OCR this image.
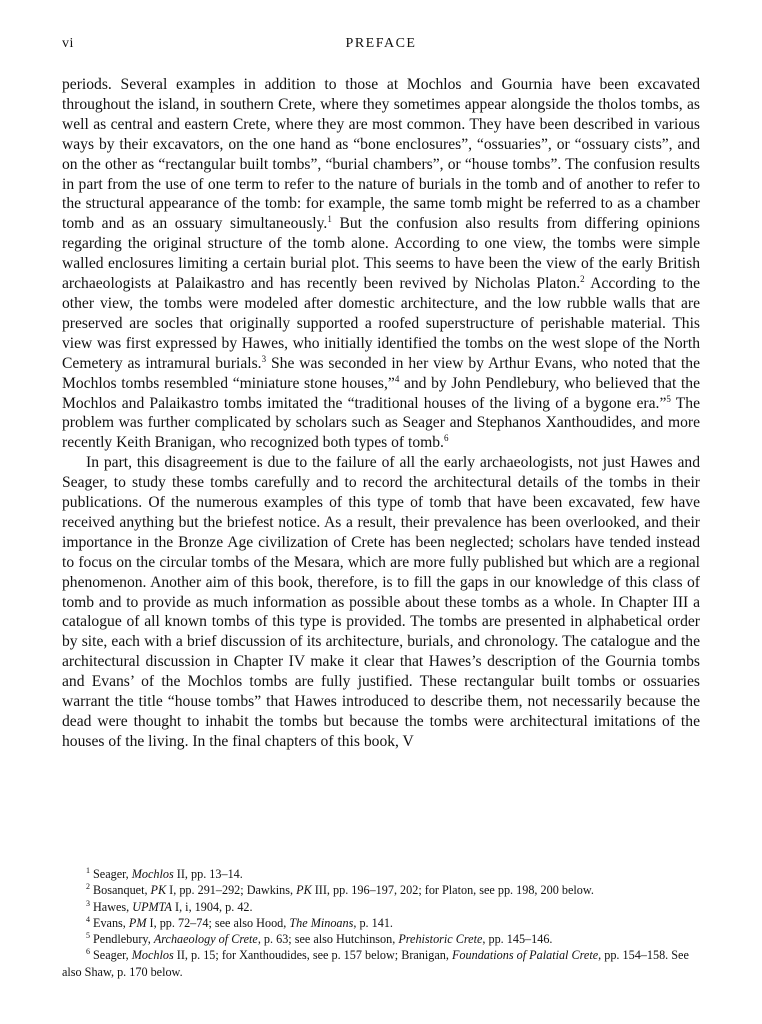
vi	PREFACE

periods. Several examples in addition to those at Mochlos and Gournia have been excavated throughout the island, in southern Crete, where they sometimes appear alongside the tholos tombs, as well as central and eastern Crete, where they are most common. They have been described in various ways by their excavators, on the one hand as “bone enclosures”, “ossuaries”, or “ossuary cists”, and on the other as “rectangular built tombs”, “burial chambers”, or “house tombs”. The confusion results in part from the use of one term to refer to the nature of burials in the tomb and of another to refer to the structural appearance of the tomb: for example, the same tomb might be referred to as a chamber tomb and as an ossuary simultaneously.$^1$ But the confusion also results from differing opinions regarding the original structure of the tomb alone. According to one view, the tombs were simple walled enclosures limiting a certain burial plot. This seems to have been the view of the early British archaeologists at Palaikastro and has recently been revived by Nicholas Platon.$^2$ According to the other view, the tombs were modeled after domestic architecture, and the low rubble walls that are preserved are socles that originally supported a roofed superstructure of perishable material. This view was first expressed by Hawes, who initially identified the tombs on the west slope of the North Cemetery as intramural burials.$^3$ She was seconded in her view by Arthur Evans, who noted that the Mochlos tombs resembled “miniature stone houses,”$^4$ and by John Pendlebury, who believed that the Mochlos and Palaikastro tombs imitated the “traditional houses of the living of a bygone era.”$^5$ The problem was further complicated by scholars such as Seager and Stephanos Xanthoudides, and more recently Keith Branigan, who recognized both types of tomb.$^6$

In part, this disagreement is due to the failure of all the early archaeologists, not just Hawes and Seager, to study these tombs carefully and to record the architectural details of the tombs in their publications. Of the numerous examples of this type of tomb that have been excavated, few have received anything but the briefest notice. As a result, their prevalence has been overlooked, and their importance in the Bronze Age civilization of Crete has been neglected; scholars have tended instead to focus on the circular tombs of the Mesara, which are more fully published but which are a regional phenomenon. Another aim of this book, therefore, is to fill the gaps in our knowledge of this class of tomb and to provide as much information as possible about these tombs as a whole. In Chapter III a catalogue of all known tombs of this type is provided. The tombs are presented in alphabetical order by site, each with a brief discussion of its architecture, burials, and chronology. The catalogue and the architectural discussion in Chapter IV make it clear that Hawes’s description of the Gournia tombs and Evans’ of the Mochlos tombs are fully justified. These rectangular built tombs or ossuaries warrant the title “house tombs” that Hawes introduced to describe them, not necessarily because the dead were thought to inhabit the tombs but because the tombs were architectural imitations of the houses of the living. In the final chapters of this book, V

$^1$ Seager, Mochlos II, pp. 13–14.
$^2$ Bosanquet, PK I, pp. 291–292; Dawkins, PK III, pp. 196–197, 202; for Platon, see pp. 198, 200 below.
$^3$ Hawes, UPMTA I, i, 1904, p. 42.
$^4$ Evans, PM I, pp. 72–74; see also Hood, The Minoans, p. 141.
$^5$ Pendlebury, Archaeology of Crete, p. 63; see also Hutchinson, Prehistoric Crete, pp. 145–146.
$^6$ Seager, Mochlos II, p. 15; for Xanthoudides, see p. 157 below; Branigan, Foundations of Palatial Crete, pp. 154–158. See also Shaw, p. 170 below.
